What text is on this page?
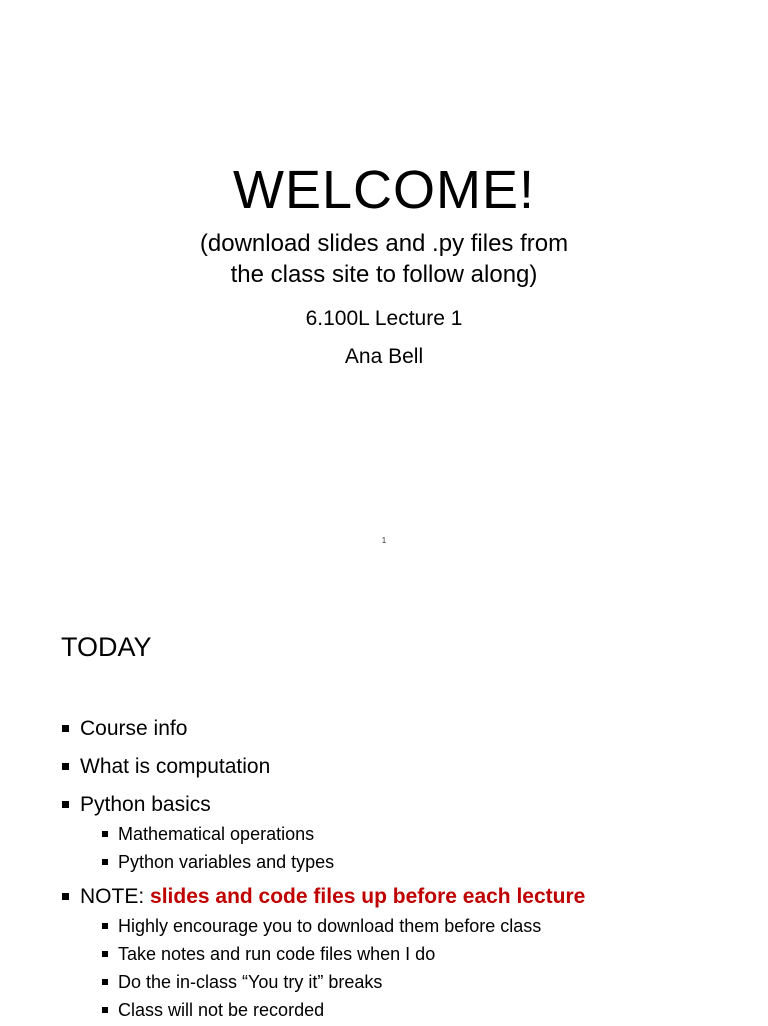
WELCOME!
(download slides and .py files from
the class site to follow along)
6.100L Lecture 1
Ana Bell
1
TODAY
Course info
What is computation
Python basics
Mathematical operations
Python variables and types
NOTE: slides and code files up before each lecture
Highly encourage you to download them before class
Take notes and run code files when I do
Do the in-class “You try it” breaks
Class will not be recorded
